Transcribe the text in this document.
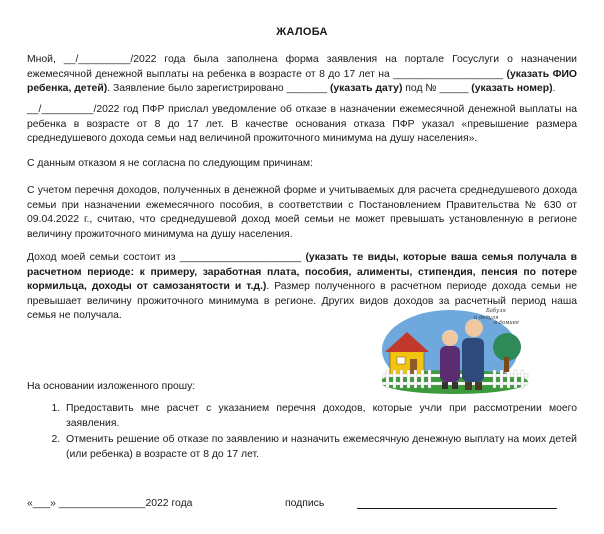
ЖАЛОБА
Мной, __/_________/2022 года была заполнена форма заявления на портале Госуслуги о назначении ежемесячной денежной выплаты на ребенка в возрасте от 8 до 17 лет на ___________________ (указать ФИО ребенка, детей). Заявление было зарегистрировано _______ (указать дату) под № _____ (указать номер).
__/_________/2022 год ПФР прислал уведомление об отказе в назначении ежемесячной денежной выплаты на ребенка в возрасте от 8 до 17 лет. В качестве основания отказа ПФР указал «превышение размера среднедушевого дохода семьи над величиной прожиточного минимума на душу населения».
С данным отказом я не согласна по следующим причинам:
С учетом перечня доходов, полученных в денежной форме и учитываемых для расчета среднедушевого дохода семьи при назначении ежемесячного пособия, в соответствии с Постановлением Правительства № 630 от 09.04.2022 г., считаю, что среднедушевой доход моей семьи не может превышать установленную в регионе величину прожиточного минимума на душу населения.
Доход моей семьи состоит из _____________________ (указать те виды, которые ваша семья получала в расчетном периоде: к примеру, заработная плата, пособия, алименты, стипендия, пенсия по потере кормильца, доходы от самозанятости и т.д.). Размер полученного в расчетном периоде дохода семьи не превышает величину прожиточного минимума в регионе. Других видов доходов за расчетный период наша семья не получала.	Бабуля
и дедуля
в домике
На основании изложенного прошу:
1. Предоставить мне расчет с указанием перечня доходов, которые учли при рассмотрении моего заявления.
2. Отменить решение об отказе по заявлению и назначить ежемесячную денежную выплату на моих детей (или ребенка) в возрасте от 8 до 17 лет.
«___» _______________2022 года	подпись
